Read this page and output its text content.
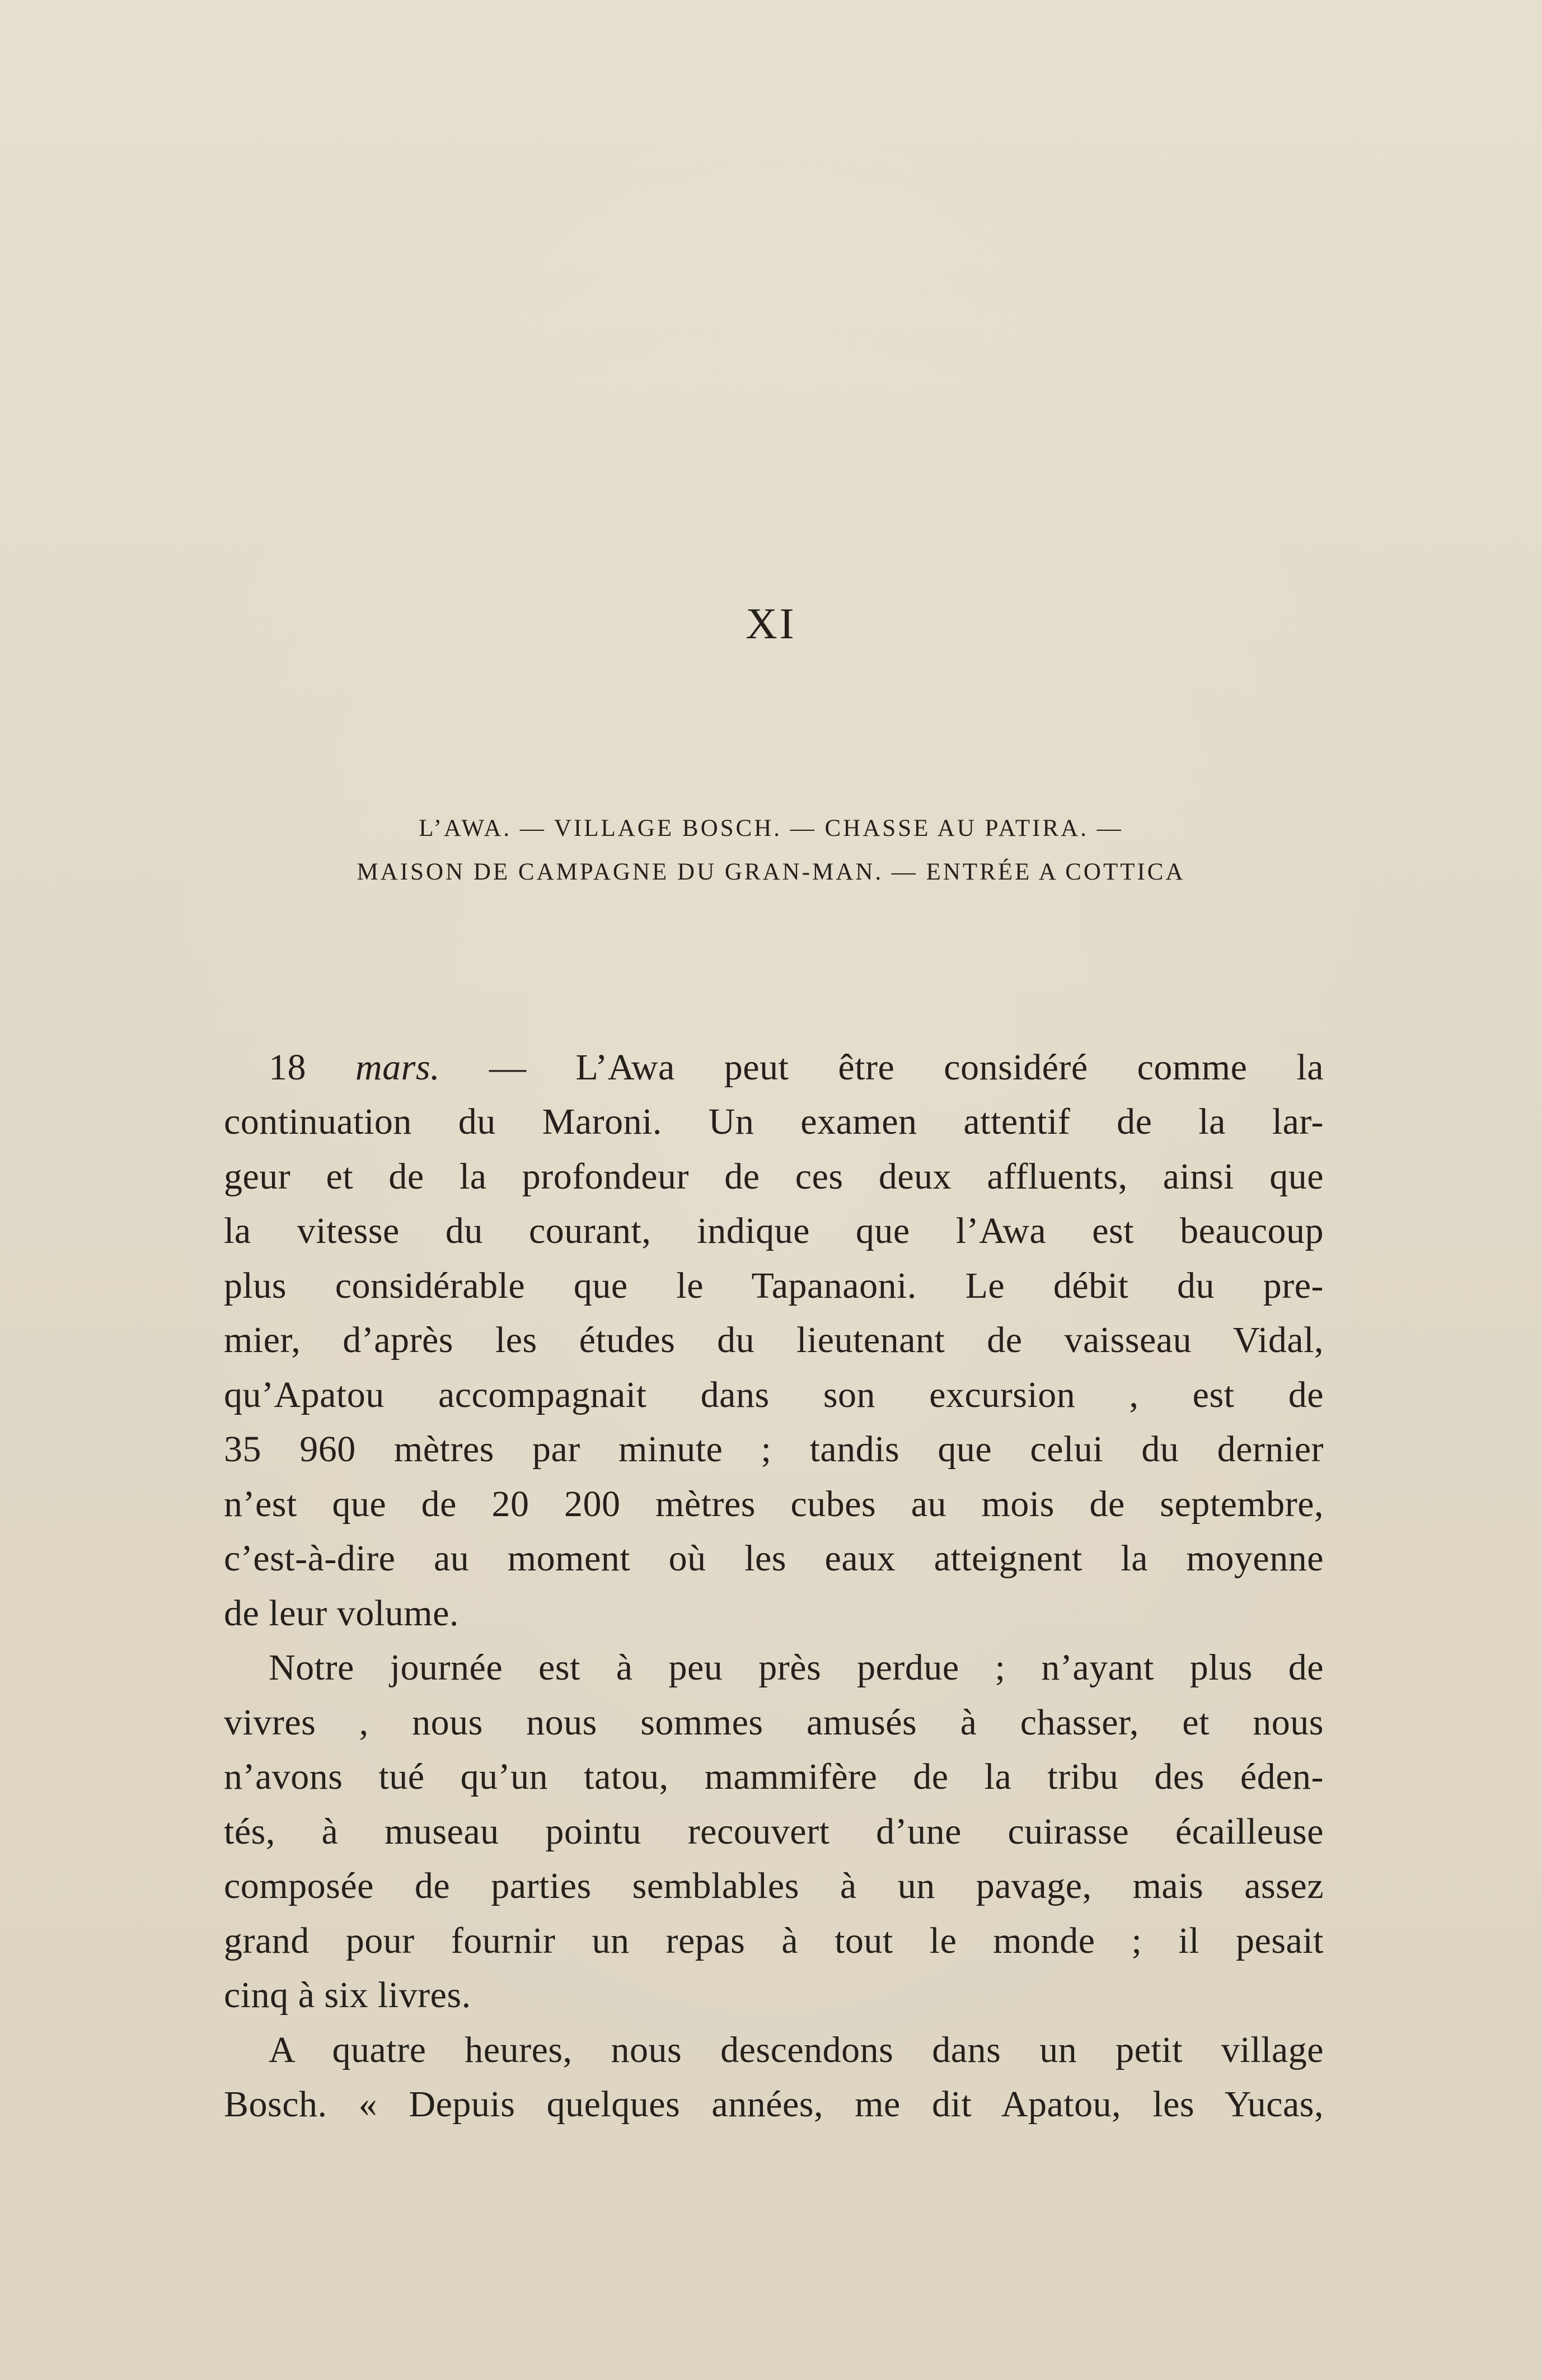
XI
L’AWA. — VILLAGE BOSCH. — CHASSE AU PATIRA. —
MAISON DE CAMPAGNE DU GRAN-MAN. — ENTRÉE A COTTICA
18 mars. — L’Awa peut être considéré comme la
continuation du Maroni. Un examen attentif de la lar-
geur et de la profondeur de ces deux affluents, ainsi que
la vitesse du courant, indique que l’Awa est beaucoup
plus considérable que le Tapanaoni. Le débit du pre-
mier, d’après les études du lieutenant de vaisseau Vidal,
qu’Apatou accompagnait dans son excursion , est de
35 960 mètres par minute ; tandis que celui du dernier
n’est que de 20 200 mètres cubes au mois de septembre,
c’est-à-dire au moment où les eaux atteignent la moyenne
de leur volume.
Notre journée est à peu près perdue ; n’ayant plus de
vivres , nous nous sommes amusés à chasser, et nous
n’avons tué qu’un tatou, mammifère de la tribu des éden-
tés, à museau pointu recouvert d’une cuirasse écailleuse
composée de parties semblables à un pavage, mais assez
grand pour fournir un repas à tout le monde ; il pesait
cinq à six livres.
A quatre heures, nous descendons dans un petit village
Bosch. « Depuis quelques années, me dit Apatou, les Yucas,
